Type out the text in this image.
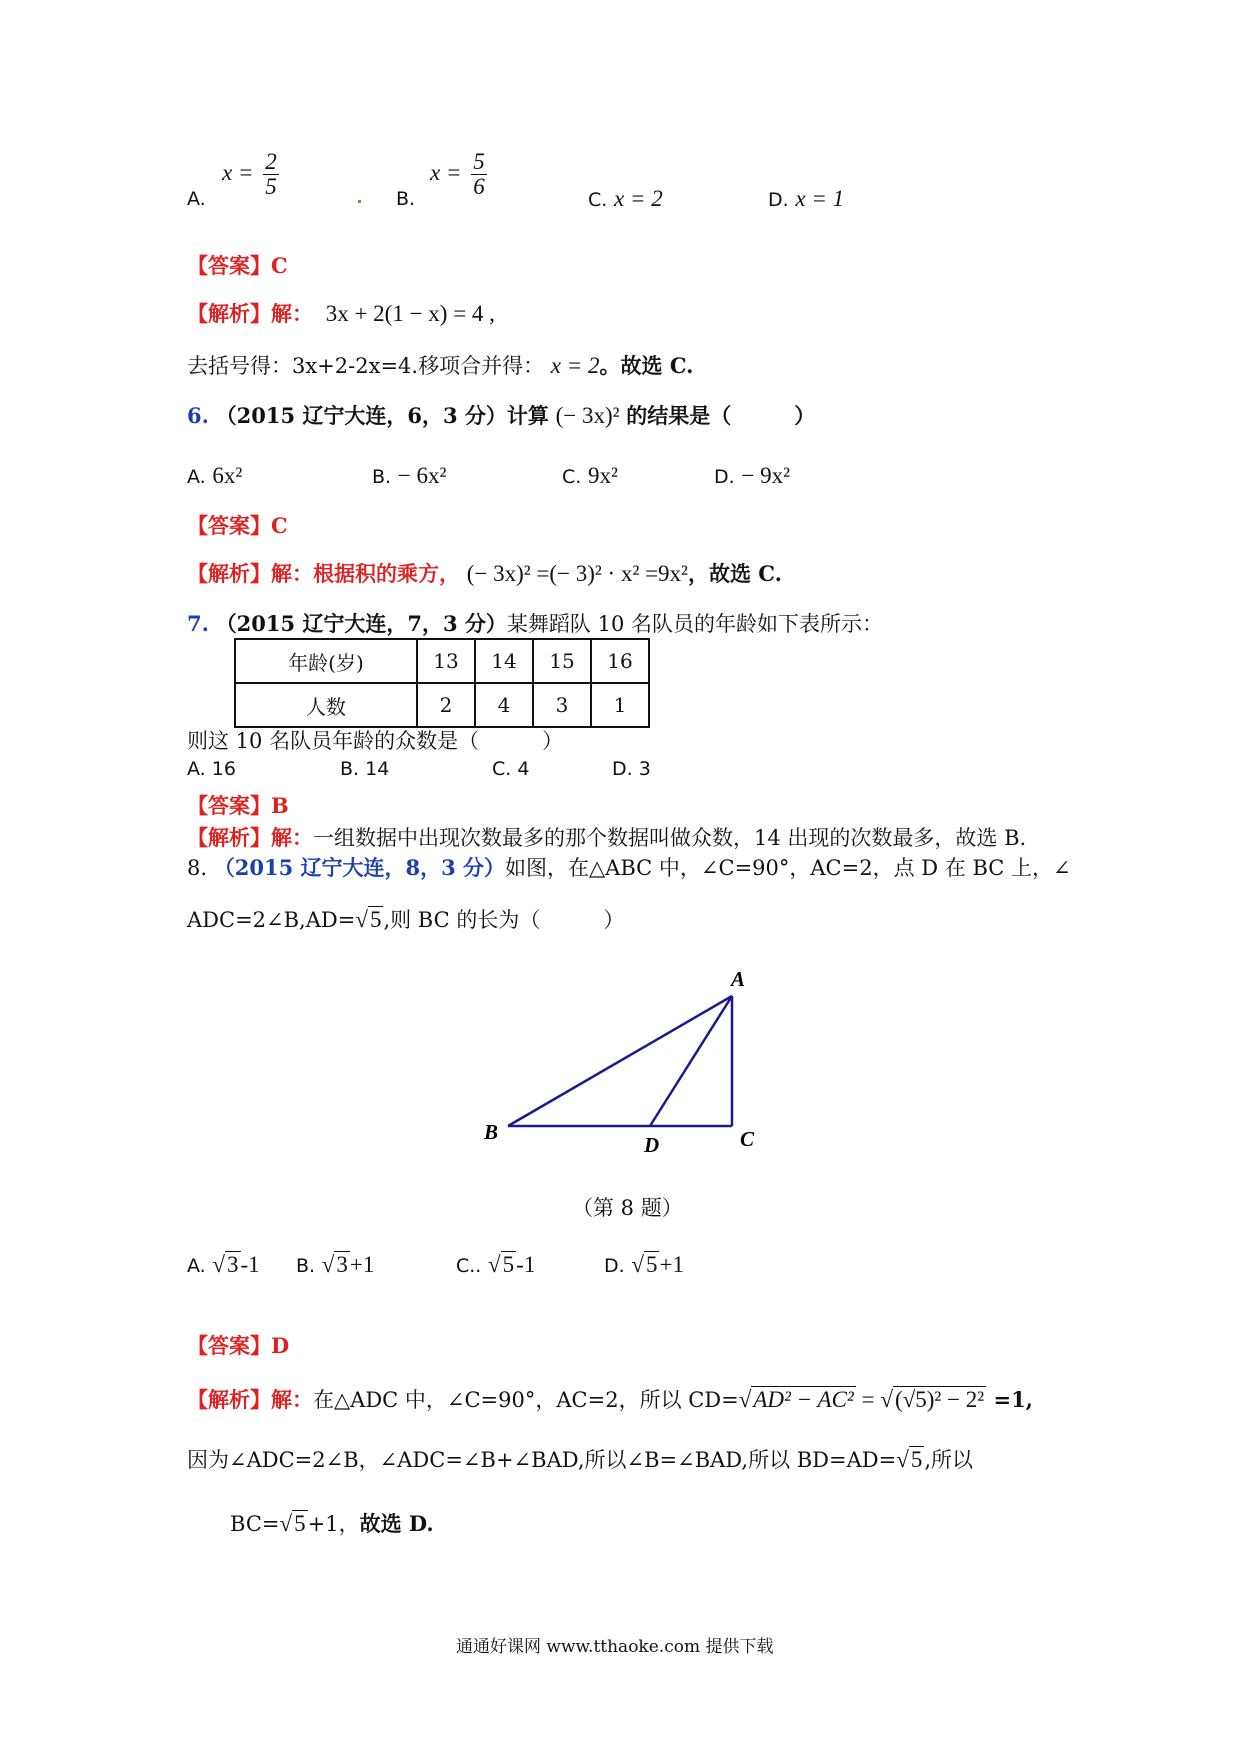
A.
$x = \frac{2}{5}$	B.
$x = \frac{5}{6}$
C. x = 2	D. x = 1
【答案】C
【解析】解： 3x + 2(1 − x) = 4 ,
去括号得：3x+2-2x=4.移项合并得： x = 2。故选 C.
6. （2015 辽宁大连，6，3 分）计算 (− 3x)² 的结果是（　　　）
A. 6x²	B. − 6x²	C. 9x²	D. − 9x²
【答案】C
【解析】解：根据积的乘方， (− 3x)² =(− 3)² · x² =9x²，故选 C.
7. （2015 辽宁大连，7，3 分）某舞蹈队 10 名队员的年龄如下表所示：
年龄(岁)	13	14	15	16
人数	2	4	3	1
则这 10 名队员年龄的众数是（　　　）
A. 16	B. 14	C. 4	D. 3
【答案】B
【解析】解：一组数据中出现次数最多的那个数据叫做众数，14 出现的次数最多，故选 B.
8. （2015 辽宁大连，8，3 分）如图，在△ABC 中，∠C=90°，AC=2，点 D 在 BC 上，∠
ADC=2∠B,AD=√5,则 BC 的长为（　　　）
A
B
D	C
（第 8 题）
A. √3-1 B. √3+1	C.. √5-1	D. √5+1
【答案】D
【解析】解：在△ADC 中，∠C=90°，AC=2，所以 CD=√AD² − AC² = √(√5)² − 2² =1,
因为∠ADC=2∠B，∠ADC=∠B+∠BAD,所以∠B=∠BAD,所以 BD=AD=√5,所以
BC=√5+1，故选 D.
通通好课网 www.tthaoke.com 提供下载
